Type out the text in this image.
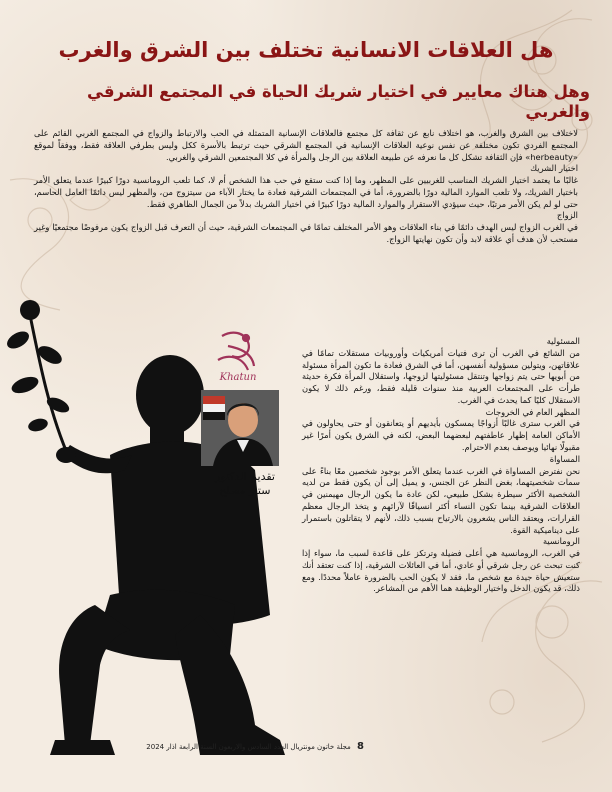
هل العلاقات الانسانية تختلف بين الشرق والغرب
وهل هناك معايير في اختيار شريك الحياة في المجتمع الشرقي والغربي

لاختلاف بين الشرق والغرب، هو اختلاف نابع عن ثقافة كل مجتمع فالعلاقات الإنسانية المتمثلة في الحب والارتباط والزواج في المجتمع الغربي القائم على المجتمع الفردي تكون مختلفة عن نفس نوعية العلاقات الإنسانية في المجتمع الشرقي حيث ترتبط بالأسرة ككل وليس بطرفي العلاقة فقط، ووفقاً لموقع «herbeauty» فإن الثقافة تشكل كل ما نعرفه عن طبيعة العلاقة بين الرجل والمرأة في كلا المجتمعين الشرقي والغربي.

اختيار الشريك

غالبًا ما يعتمد اختيار الشريك المناسب للغربيين على المظهر، وما إذا كنت ستقع في حب هذا الشخص أم لا، كما تلعب الرومانسية دورًا كبيرًا عندما يتعلق الأمر باختيار الشريك، ولا تلعب الموارد المالية دورًا بالضرورة، أما في المجتمعات الشرقية فعادة ما يختار الآباء من سيتزوج من، والمظهر ليس دائمًا العامل الحاسم، حتى لو لم يكن الأمر مرتبًا، حيث سيؤدي الاستقرار والموارد المالية دورًا كبيرًا في اختيار الشريك بدلاً من الجمال الظاهري فقط.

الزواج

في الغرب الزواج ليس الهدف دائمًا في بناء العلاقات وهو الأمر المختلف تمامًا في المجتمعات الشرقية، حيث أن التعرف قبل الزواج يكون مرفوضًا مجتمعيًا وغير مستحب لأن هدف أي علاقة لابد وأن تكون نهايتها الزواج.

المسئولية

من الشائع في الغرب أن ترى فتيات أمريكيات وأوروبيات مستقلات تمامًا في علاقاتهن، ويتولين مسؤولية أنفسهن، أما في الشرق فعادة ما تكون المرأة مسئولة من أبويها حتى يتم زواجها وتنتقل مسئوليتها لزوجها، واستقلال المرأة فكرة حديثة طرأت على المجتمعات العربية منذ سنوات قليلة فقط، ورغم ذلك لا يكون الاستقلال كليًا كما يحدث في الغرب.

المظهر العام في الخروجات

في الغرب سترى غالبًا أزواجًا يمسكون بأيديهم أو يتعانقون أو حتى يحاولون في الأماكن العامة إظهار عاطفتهم لبعضهما البعض، لكنه في الشرق يكون أمرًا غير مقبولًا نهائيا ويوصف بعدم الاحترام.

المساواة

نحن نفترض المساواة في الغرب عندما يتعلق الأمر بوجود شخصين معًا بناءً على سمات شخصيتهما، بغض النظر عن الجنس، و يميل إلى أن يكون فقط من لديه الشخصية الأكثر سيطرة بشكل طبيعي، لكن عادة ما يكون الرجال مهيمنين في العلاقات الشرقية بينما تكون النساء أكثر انسياقًا لآرائهم و يتخذ الرجال معظم القرارات، ويعتقد الناس يشعرون بالارتياح بسبب ذلك، لأنهم لا يتقاتلون باستمرار على ديناميكية القوة.

الرومانسية

في الغرب، الرومانسية هي أعلى فضيلة وترتكز على قاعدة لسبب ما، سواء إذا كنت تبحث عن رجل شرقي أو عادي، أما في العائلات الشرقية، إذا كنت تعتقد أنك ستعيش حياة جيدة مع شخص ما، فقد لا يكون الحب بالضرورة عاملاً محددًا. ومع ذلك، قد يكون الدخل واختيار الوظيفة هما الأهم من المشاعر.

Khatun
تقديم الدكتور
ستار مصلح
8 مجلة خاتون مونتريال العدد السادس والاربعون السنة الرابعة اذار 2024
